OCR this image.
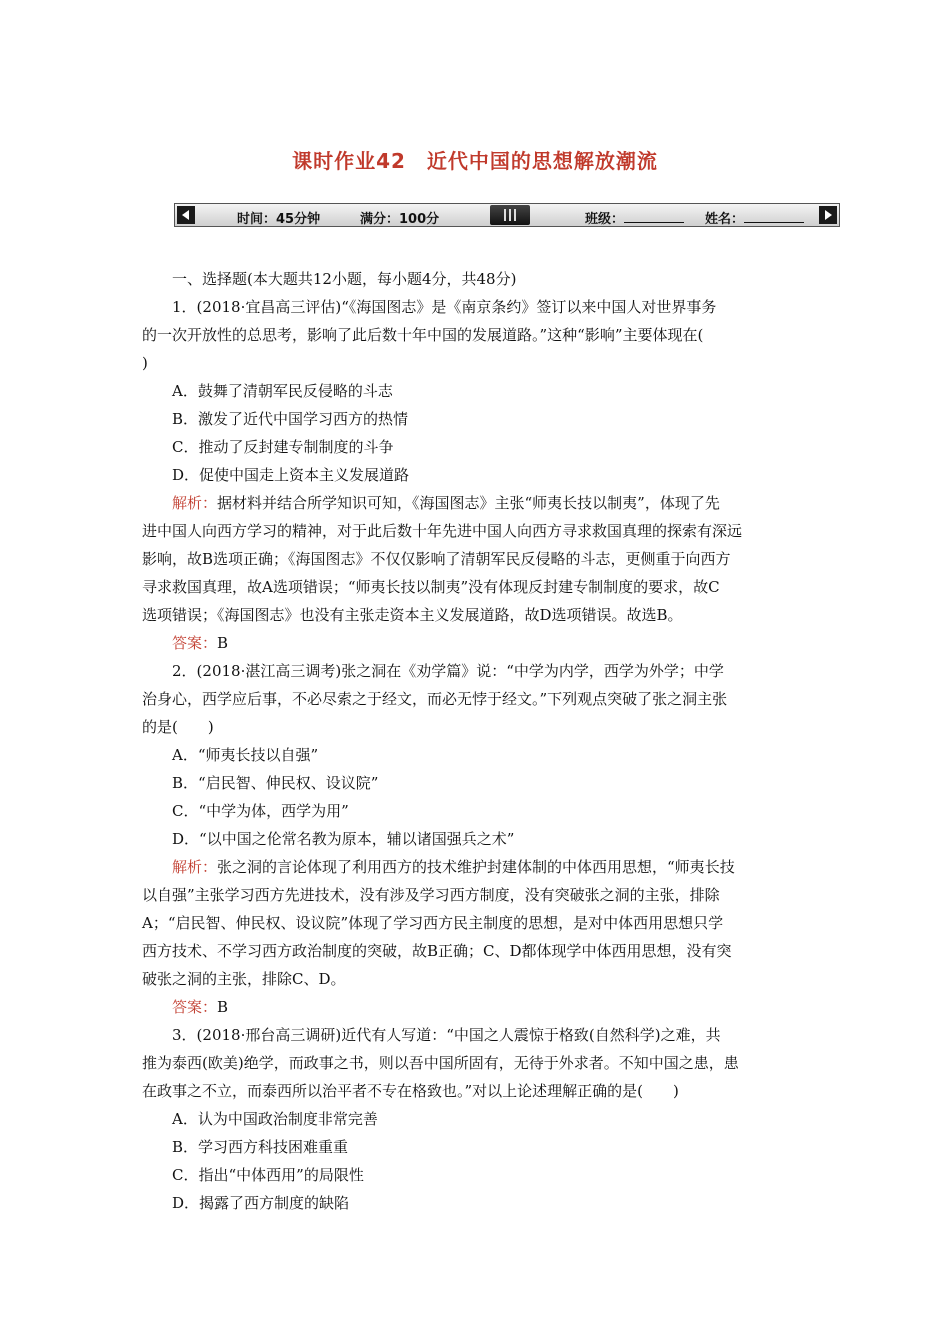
课时作业42　近代中国的思想解放潮流
时间：45分钟	满分：100分	班级：	姓名：
一、选择题(本大题共12小题，每小题4分，共48分)
1．(2018·宜昌高三评估)“《海国图志》是《南京条约》签订以来中国人对世界事务
的一次开放性的总思考，影响了此后数十年中国的发展道路。”这种“影响”主要体现在(
)
A．鼓舞了清朝军民反侵略的斗志
B．激发了近代中国学习西方的热情
C．推动了反封建专制制度的斗争
D．促使中国走上资本主义发展道路
解析：据材料并结合所学知识可知，《海国图志》主张“师夷长技以制夷”，体现了先
进中国人向西方学习的精神，对于此后数十年先进中国人向西方寻求救国真理的探索有深远
影响，故B选项正确；《海国图志》不仅仅影响了清朝军民反侵略的斗志，更侧重于向西方
寻求救国真理，故A选项错误；“师夷长技以制夷”没有体现反封建专制制度的要求，故C
选项错误；《海国图志》也没有主张走资本主义发展道路，故D选项错误。故选B。
答案：B
2．(2018·湛江高三调考)张之洞在《劝学篇》说：“中学为内学，西学为外学；中学
治身心，西学应后事，不必尽索之于经文，而必无悖于经文。”下列观点突破了张之洞主张
的是(　　)
A．“师夷长技以自强”
B．“启民智、伸民权、设议院”
C．“中学为体，西学为用”
D．“以中国之伦常名教为原本，辅以诸国强兵之术”
解析：张之洞的言论体现了利用西方的技术维护封建体制的中体西用思想，“师夷长技
以自强”主张学习西方先进技术，没有涉及学习西方制度，没有突破张之洞的主张，排除
A；“启民智、伸民权、设议院”体现了学习西方民主制度的思想，是对中体西用思想只学
西方技术、不学习西方政治制度的突破，故B正确；C、D都体现学中体西用思想，没有突
破张之洞的主张，排除C、D。
答案：B
3．(2018·邢台高三调研)近代有人写道：“中国之人震惊于格致(自然科学)之难，共
推为泰西(欧美)绝学，而政事之书，则以吾中国所固有，无待于外求者。不知中国之患，患
在政事之不立，而泰西所以治平者不专在格致也。”对以上论述理解正确的是(　　)
A．认为中国政治制度非常完善
B．学习西方科技困难重重
C．指出“中体西用”的局限性
D．揭露了西方制度的缺陷
